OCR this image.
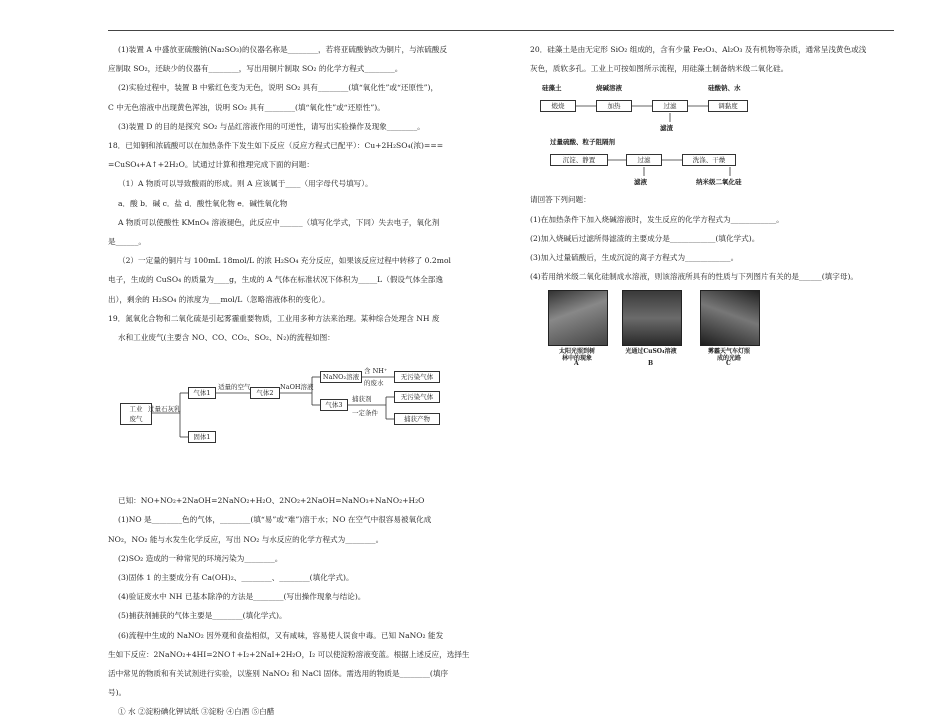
(1)装置 A 中盛放亚硫酸钠(Na₂SO₃)的仪器名称是________，若将亚硫酸钠改为铜片，与浓硫酸反

应制取 SO₂，还缺少的仪器有________，写出用铜片制取 SO₂ 的化学方程式________。

(2)实验过程中，装置 B 中紫红色变为无色，说明 SO₂ 具有________(填“氧化性”或“还原性”)，

C 中无色溶液中出现黄色浑浊，说明 SO₂ 具有________(填“氧化性”或“还原性”)。

(3)装置 D 的目的是探究 SO₂ 与品红溶液作用的可逆性，请写出实验操作及现象________。

18．已知铜和浓硫酸可以在加热条件下发生如下反应（反应方程式已配平）：Cu+2H₂SO₄(浓)===

=CuSO₄+A↑+2H₂O。试通过计算和推理完成下面的问题：

（1）A 物质可以导致酸雨的形成。则 A 应该属于____（用字母代号填写）。

a．酸 b．碱 c．盐 d．酸性氧化物 e．碱性氧化物

A 物质可以使酸性 KMnO₄ 溶液褪色，此反应中______（填写化学式，下同）失去电子，氧化剂

是______。

（2）一定量的铜片与 100mL 18mol/L 的浓 H₂SO₄ 充分反应，如果该反应过程中转移了 0.2mol

电子，生成的 CuSO₄ 的质量为____g，生成的 A 气体在标准状况下体积为_____L（假设气体全部逸

出），剩余的 H₂SO₄ 的浓度为___mol/L（忽略溶液体积的变化）。

19．氮氧化合物和二氧化硫是引起雾霾重要物质，工业用多种方法来治理。某种综合处理含 NH 废

水和工业废气(主要含 NO、CO、CO₂、SO₂、N₂)的流程如图：

工业
废气
过量石灰乳
气体1
固体1
适量的空气
气体2
NaOH溶液
NaNO₂溶液
含 NH⁺
的废水
无污染气体
气体3
捕获剂
一定条件
无污染气体
捕获产物

已知：NO+NO₂+2NaOH=2NaNO₂+H₂O、2NO₂+2NaOH=NaNO₃+NaNO₂+H₂O

(1)NO 是________色的气体，________(填“易”或“难”)溶于水；NO 在空气中很容易被氧化成

NO₂，NO₂ 能与水发生化学反应，写出 NO₂ 与水反应的化学方程式为________。

(2)SO₂ 造成的一种常见的环境污染为________。

(3)固体 1 的主要成分有 Ca(OH)₂、________、________(填化学式)。

(4)验证废水中 NH 已基本除净的方法是________(写出操作现象与结论)。

(5)捕获剂捕获的气体主要是________(填化学式)。

(6)流程中生成的 NaNO₂ 因外观和食盐相似，又有咸味，容易使人误食中毒。已知 NaNO₂ 能发

生如下反应：2NaNO₂+4HI=2NO↑+I₂+2NaI+2H₂O，I₂ 可以使淀粉溶液变蓝。根据上述反应，选择生

活中常见的物质和有关试剂进行实验，以鉴别 NaNO₂ 和 NaCl 固体。需选用的物质是________(填序

号)。

① 水 ②淀粉碘化钾试纸 ③淀粉 ④白酒 ⑤白醋

20．硅藻土是由无定形 SiO₂ 组成的，含有少量 Fe₂O₃、Al₂O₃ 及有机物等杂质，通常呈浅黄色或浅

灰色，质软多孔。工业上可按如图所示流程，用硅藻土制备纳米级二氧化硅。

硅藻土
煅烧
烧碱溶液
加热	过滤
滤渣
硅酸钠、水
调黏度
过量硫酸、粒子阻隔剂
沉淀、静置	过滤
滤液
洗涤、干燥
纳米级二氧化硅

请回答下列问题：

(1)在加热条件下加入烧碱溶液时，发生反应的化学方程式为____________。

(2)加入烧碱后过滤所得滤渣的主要成分是____________(填化学式)。

(3)加入过量硫酸后，生成沉淀的离子方程式为____________。

(4)若用纳米级二氧化硅制成水溶液，则该溶液所具有的性质与下列图片有关的是______(填字母)。

太阳光照到树
林中的现象
光通过CuSO₄溶液	雾霾天气车灯照
成的光路
A	B	C
